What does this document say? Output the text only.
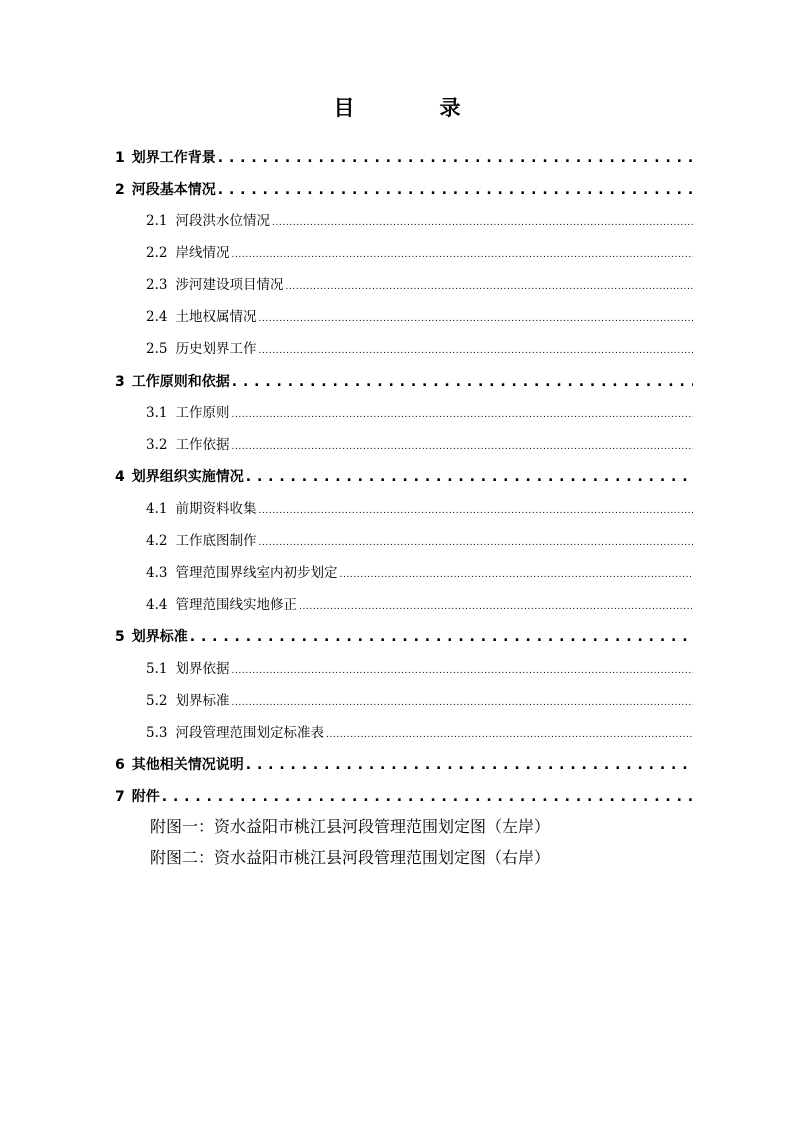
目　录
1 划界工作背景
. . .
2 河段基本情况
. . .
2.1 河段洪水位情况
.....
2.2 岸线情况
.....
2.3 涉河建设项目情况
.....
2.4 土地权属情况
.....
2.5 历史划界工作
.....
3 工作原则和依据
. . .
3.1 工作原则
.....
3.2 工作依据
.....
4 划界组织实施情况
. . .
4.1 前期资料收集
.....
4.2 工作底图制作
.....
4.3 管理范围界线室内初步划定
.....
4.4 管理范围线实地修正
.....
5 划界标准
. . .
5.1 划界依据
.....
5.2 划界标准
.....
5.3 河段管理范围划定标准表
.....
6 其他相关情况说明
. . .
7 附件
. . .
附图一：资水益阳市桃江县河段管理范围划定图（左岸）
附图二：资水益阳市桃江县河段管理范围划定图（右岸）
